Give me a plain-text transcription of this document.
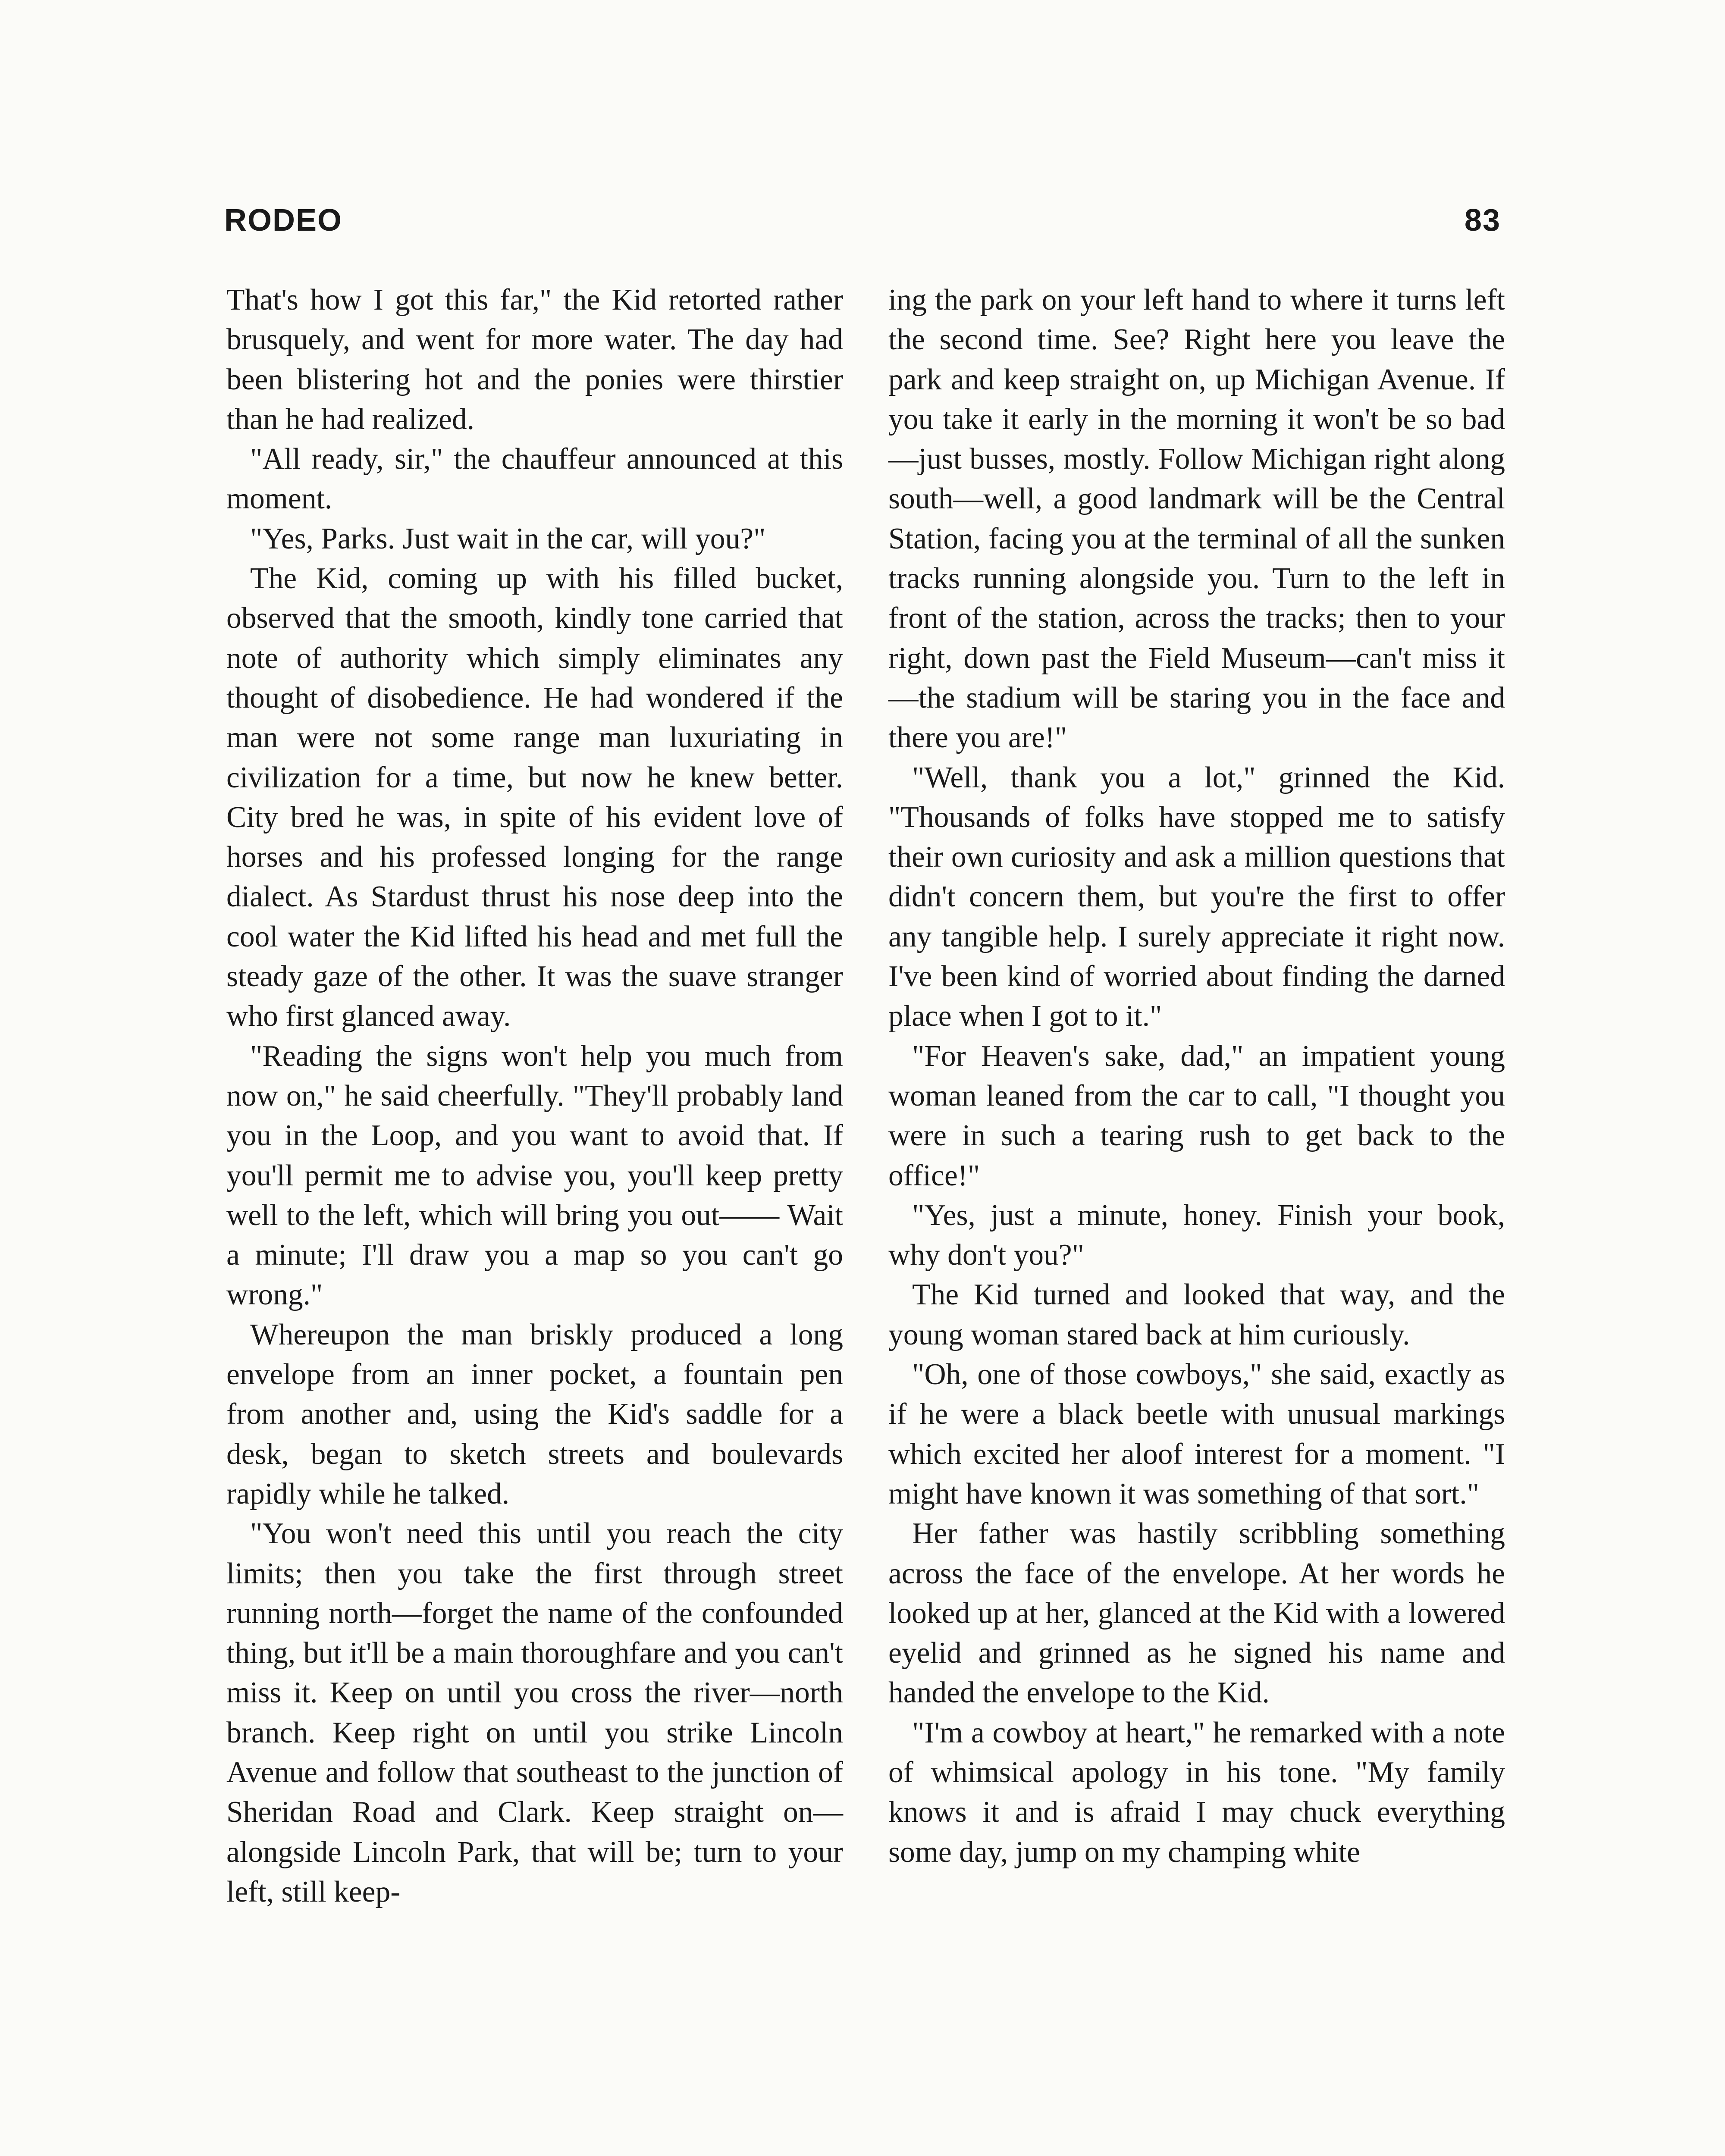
RODEO	83

That's how I got this far," the Kid retorted rather brusquely, and went for more water. The day had been blistering hot and the ponies were thirstier than he had realized.

"All ready, sir," the chauffeur announced at this moment.

"Yes, Parks. Just wait in the car, will you?"

The Kid, coming up with his filled bucket, observed that the smooth, kindly tone carried that note of authority which simply eliminates any thought of disobedience. He had wondered if the man were not some range man luxuriating in civilization for a time, but now he knew better. City bred he was, in spite of his evident love of horses and his professed longing for the range dialect. As Stardust thrust his nose deep into the cool water the Kid lifted his head and met full the steady gaze of the other. It was the suave stranger who first glanced away.

"Reading the signs won't help you much from now on," he said cheerfully. "They'll probably land you in the Loop, and you want to avoid that. If you'll permit me to advise you, you'll keep pretty well to the left, which will bring you out—— Wait a minute; I'll draw you a map so you can't go wrong."

Whereupon the man briskly produced a long envelope from an inner pocket, a fountain pen from another and, using the Kid's saddle for a desk, began to sketch streets and boulevards rapidly while he talked.

"You won't need this until you reach the city limits; then you take the first through street running north—forget the name of the confounded thing, but it'll be a main thoroughfare and you can't miss it. Keep on until you cross the river—north branch. Keep right on until you strike Lincoln Avenue and follow that southeast to the junction of Sheridan Road and Clark. Keep straight on—alongside Lincoln Park, that will be; turn to your left, still keep-

ing the park on your left hand to where it turns left the second time. See? Right here you leave the park and keep straight on, up Michigan Avenue. If you take it early in the morning it won't be so bad—just busses, mostly. Follow Michigan right along south—well, a good landmark will be the Central Station, facing you at the terminal of all the sunken tracks running alongside you. Turn to the left in front of the station, across the tracks; then to your right, down past the Field Museum—can't miss it—the stadium will be staring you in the face and there you are!"

"Well, thank you a lot," grinned the Kid. "Thousands of folks have stopped me to satisfy their own curiosity and ask a million questions that didn't concern them, but you're the first to offer any tangible help. I surely appreciate it right now. I've been kind of worried about finding the darned place when I got to it."

"For Heaven's sake, dad," an impatient young woman leaned from the car to call, "I thought you were in such a tearing rush to get back to the office!"

"Yes, just a minute, honey. Finish your book, why don't you?"

The Kid turned and looked that way, and the young woman stared back at him curiously.

"Oh, one of those cowboys," she said, exactly as if he were a black beetle with unusual markings which excited her aloof interest for a moment. "I might have known it was something of that sort."

Her father was hastily scribbling something across the face of the envelope. At her words he looked up at her, glanced at the Kid with a lowered eyelid and grinned as he signed his name and handed the envelope to the Kid.

"I'm a cowboy at heart," he remarked with a note of whimsical apology in his tone. "My family knows it and is afraid I may chuck everything some day, jump on my champing white
